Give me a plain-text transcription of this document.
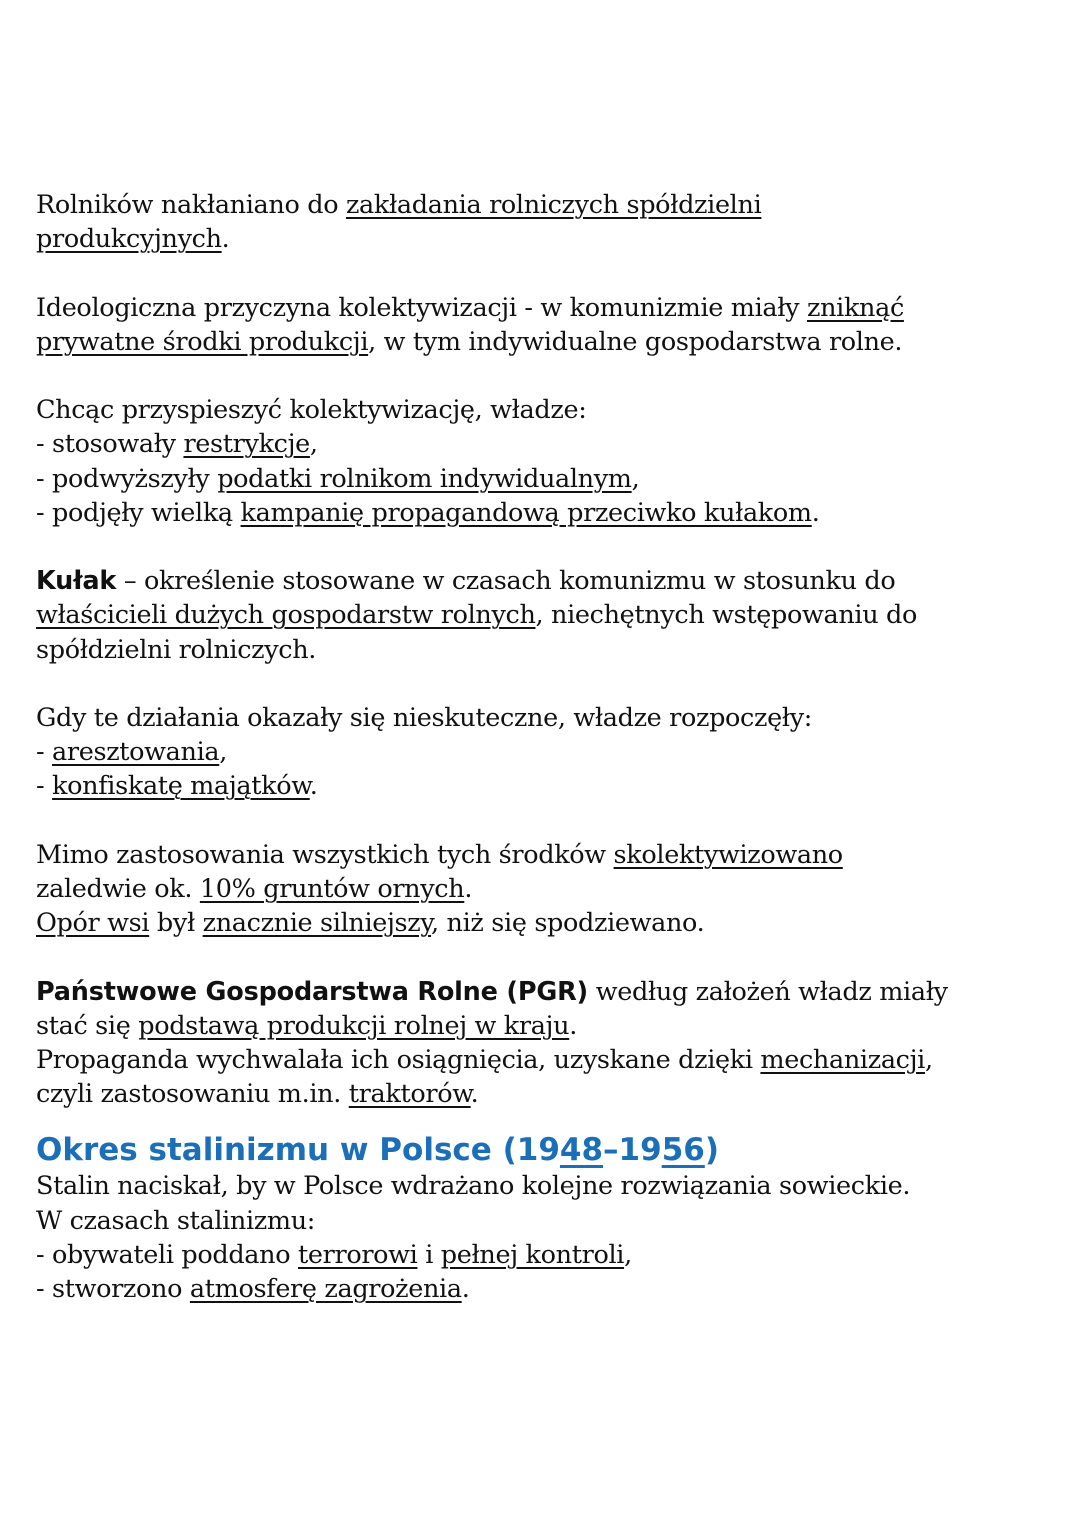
Rolników nakłaniano do zakładania rolniczych spółdzielni
produkcyjnych.
Ideologiczna przyczyna kolektywizacji - w komunizmie miały zniknąć
prywatne środki produkcji, w tym indywidualne gospodarstwa rolne.
Chcąc przyspieszyć kolektywizację, władze:
- stosowały restrykcje,
- podwyższyły podatki rolnikom indywidualnym,
- podjęły wielką kampanię propagandową przeciwko kułakom.
Kułak – określenie stosowane w czasach komunizmu w stosunku do
właścicieli dużych gospodarstw rolnych, niechętnych wstępowaniu do
spółdzielni rolniczych.
Gdy te działania okazały się nieskuteczne, władze rozpoczęły:
- aresztowania,
- konfiskatę majątków.
Mimo zastosowania wszystkich tych środków skolektywizowano
zaledwie ok. 10% gruntów ornych.
Opór wsi był znacznie silniejszy, niż się spodziewano.
Państwowe Gospodarstwa Rolne (PGR) według założeń władz miały
stać się podstawą produkcji rolnej w kraju.
Propaganda wychwalała ich osiągnięcia, uzyskane dzięki mechanizacji,
czyli zastosowaniu m.in. traktorów.
Okres stalinizmu w Polsce (1948–1956)
Stalin naciskał, by w Polsce wdrażano kolejne rozwiązania sowieckie.
W czasach stalinizmu:
- obywateli poddano terrorowi i pełnej kontroli,
- stworzono atmosferę zagrożenia.
